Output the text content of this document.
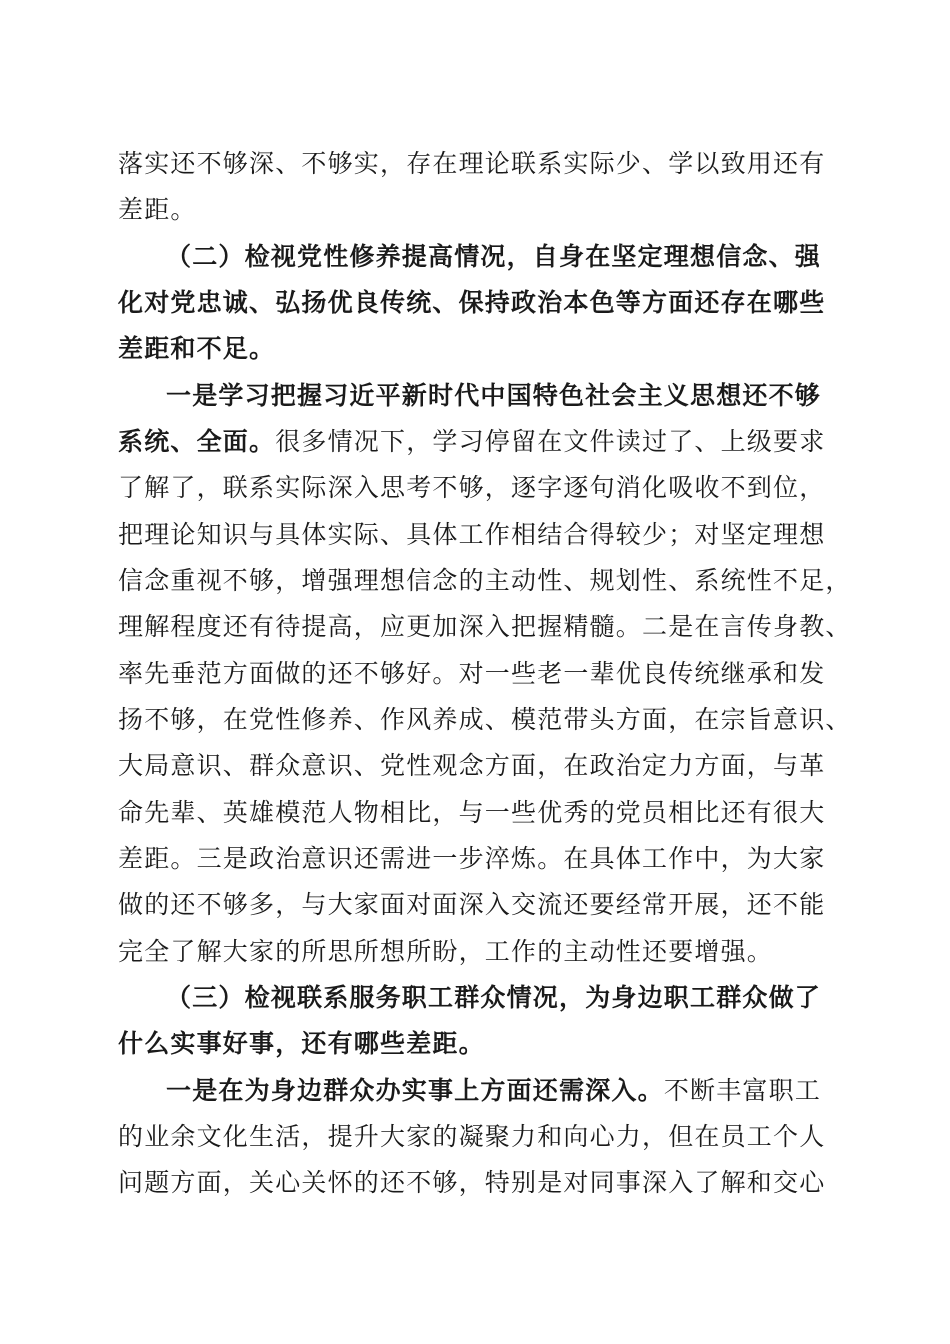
落实还不够深、不够实，存在理论联系实际少、学以致用还有
差距。
（二）检视党性修养提高情况，自身在坚定理想信念、强
化对党忠诚、弘扬优良传统、保持政治本色等方面还存在哪些
差距和不足。
一是学习把握习近平新时代中国特色社会主义思想还不够
系统、全面。很多情况下，学习停留在文件读过了、上级要求
了解了，联系实际深入思考不够，逐字逐句消化吸收不到位，
把理论知识与具体实际、具体工作相结合得较少；对坚定理想
信念重视不够，增强理想信念的主动性、规划性、系统性不足，
理解程度还有待提高，应更加深入把握精髓。二是在言传身教、
率先垂范方面做的还不够好。对一些老一辈优良传统继承和发
扬不够，在党性修养、作风养成、模范带头方面，在宗旨意识、
大局意识、群众意识、党性观念方面，在政治定力方面，与革
命先辈、英雄模范人物相比，与一些优秀的党员相比还有很大
差距。三是政治意识还需进一步淬炼。在具体工作中，为大家
做的还不够多，与大家面对面深入交流还要经常开展，还不能
完全了解大家的所思所想所盼，工作的主动性还要增强。
（三）检视联系服务职工群众情况，为身边职工群众做了
什么实事好事，还有哪些差距。
一是在为身边群众办实事上方面还需深入。不断丰富职工
的业余文化生活，提升大家的凝聚力和向心力，但在员工个人
问题方面，关心关怀的还不够，特别是对同事深入了解和交心
